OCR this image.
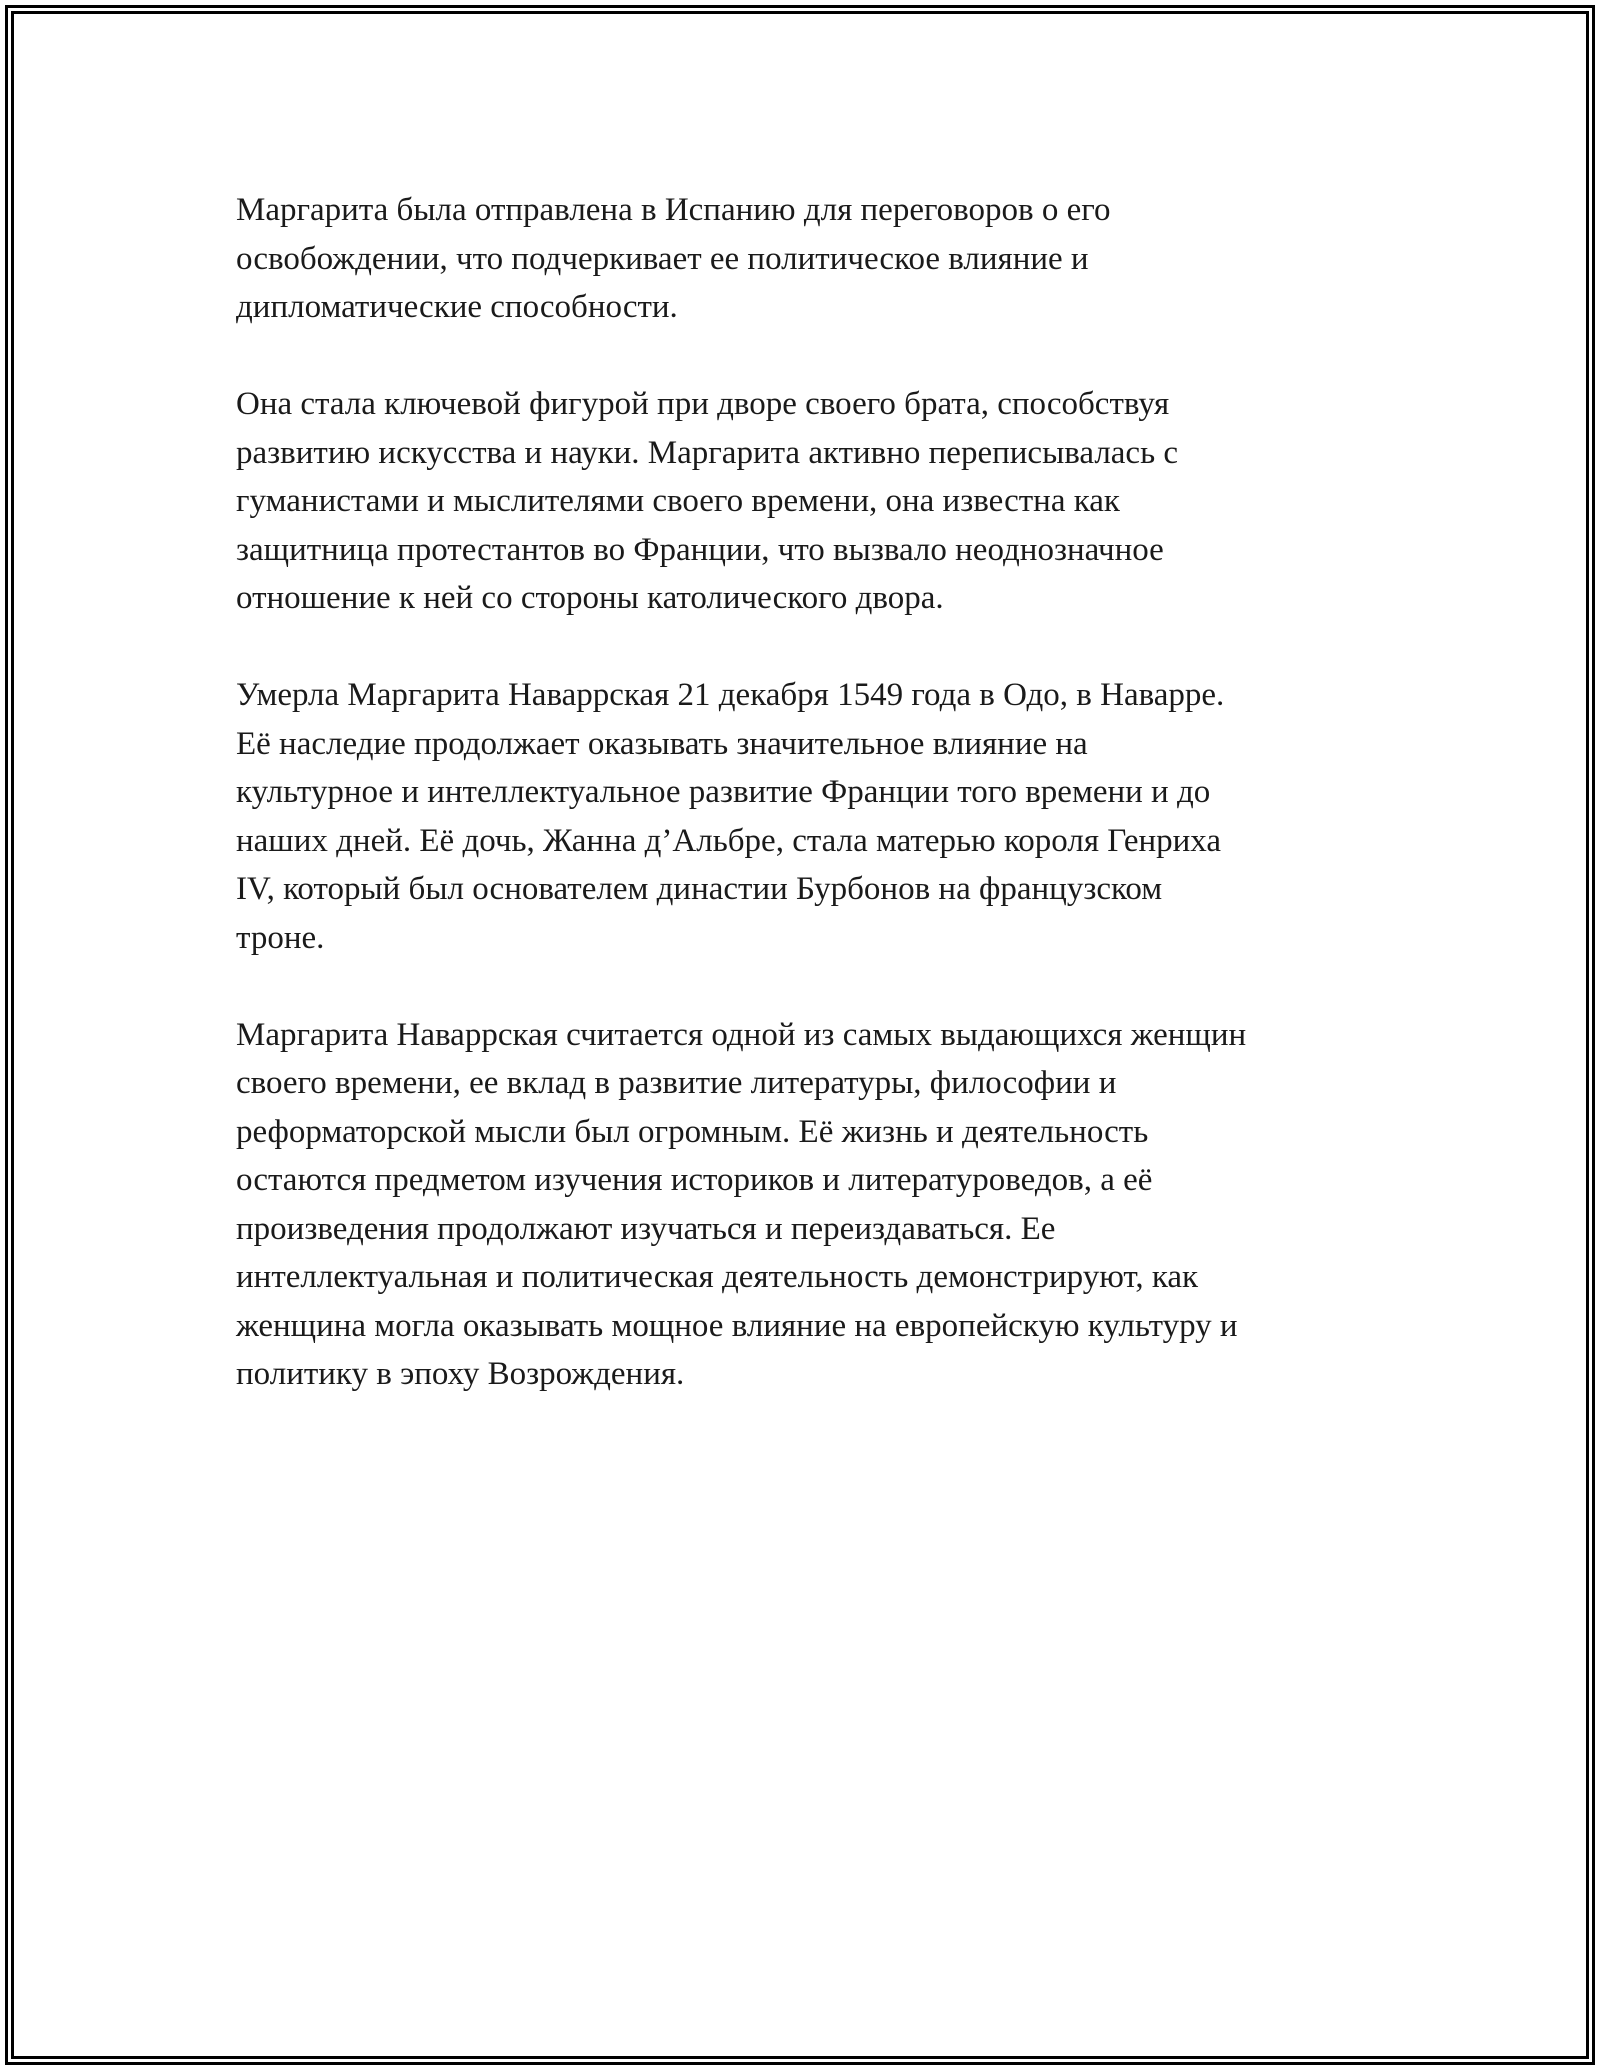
Маргарита была отправлена в Испанию для переговоров о его
освобождении, что подчеркивает ее политическое влияние и
дипломатические способности.

Она стала ключевой фигурой при дворе своего брата, способствуя
развитию искусства и науки. Маргарита активно переписывалась с
гуманистами и мыслителями своего времени, она известна как
защитница протестантов во Франции, что вызвало неоднозначное
отношение к ней со стороны католического двора.

Умерла Маргарита Наваррская 21 декабря 1549 года в Одо, в Наварре.
Её наследие продолжает оказывать значительное влияние на
культурное и интеллектуальное развитие Франции того времени и до
наших дней. Её дочь, Жанна д’Альбре, стала матерью короля Генриха
IV, который был основателем династии Бурбонов на французском
троне.

Маргарита Наваррская считается одной из самых выдающихся женщин
своего времени, ее вклад в развитие литературы, философии и
реформаторской мысли был огромным. Её жизнь и деятельность
остаются предметом изучения историков и литературоведов, а её
произведения продолжают изучаться и переиздаваться. Ее
интеллектуальная и политическая деятельность демонстрируют, как
женщина могла оказывать мощное влияние на европейскую культуру и
политику в эпоху Возрождения.
